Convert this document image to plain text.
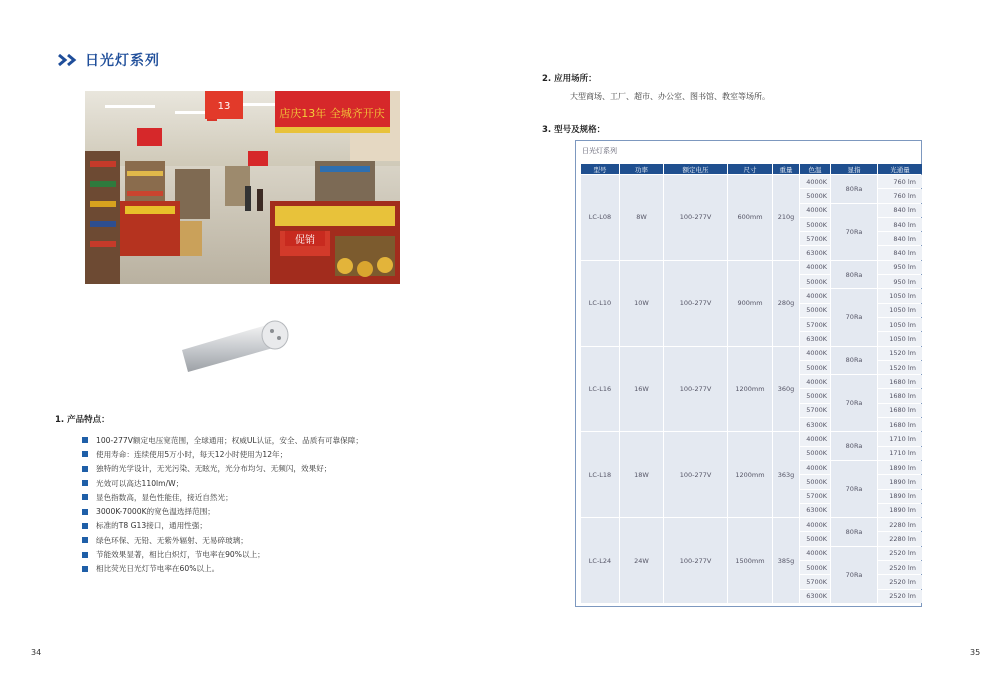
日光灯系列
店庆13年 全城齐开庆
13
促销
1. 产品特点：
100-277V额定电压宽范围，全球通用；权威UL认证，安全、品质有可靠保障；
使用寿命：连续使用5万小时，每天12小时使用为12年；
独特的光学设计，无光污染、无眩光，光分布均匀、无频闪，效果好；
光效可以高达110lm/W；
显色指数高，显色性能佳，接近自然光；
3000K-7000K的宽色温选择范围；
标准的T8 G13接口，通用性强；
绿色环保、无铅、无紫外辐射、无易碎玻璃；
节能效果显著，相比白炽灯，节电率在90%以上；
相比荧光日光灯节电率在60%以上。
34
2. 应用场所：
大型商场、工厂、超市、办公室、图书馆、教室等场所。
3. 型号及规格：
日光灯系列
型号	功率	额定电压	尺寸	重量	色温	显指	光通量
LC-L08	8W	100-277V	600mm	210g	4000K	80Ra	760 lm
					5000K		760 lm
					4000K	70Ra	840 lm
					5000K		840 lm
					5700K		840 lm
					6300K		840 lm
LC-L10	10W	100-277V	900mm	280g	4000K	80Ra	950 lm
					5000K		950 lm
					4000K	70Ra	1050 lm
					5000K		1050 lm
					5700K		1050 lm
					6300K		1050 lm
LC-L16	16W	100-277V	1200mm	360g	4000K	80Ra	1520 lm
					5000K		1520 lm
					4000K	70Ra	1680 lm
					5000K		1680 lm
					5700K		1680 lm
					6300K		1680 lm
LC-L18	18W	100-277V	1200mm	363g	4000K	80Ra	1710 lm
					5000K		1710 lm
					4000K	70Ra	1890 lm
					5000K		1890 lm
					5700K		1890 lm
					6300K		1890 lm
LC-L24	24W	100-277V	1500mm	385g	4000K	80Ra	2280 lm
					5000K		2280 lm
					4000K	70Ra	2520 lm
					5000K		2520 lm
					5700K		2520 lm
					6300K		2520 lm
35
